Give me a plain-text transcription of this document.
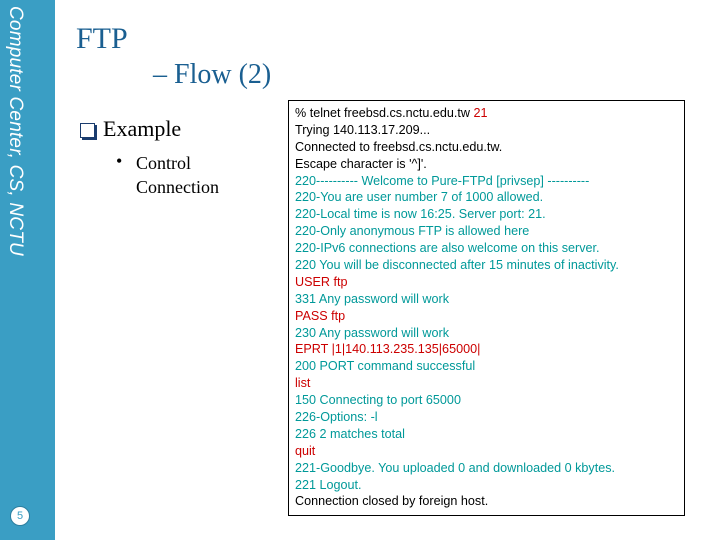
Computer Center, CS, NCTU
5
FTP
– Flow (2)
Example
• Control
Connection
% telnet freebsd.cs.nctu.edu.tw 21
Trying 140.113.17.209...
Connected to freebsd.cs.nctu.edu.tw.
Escape character is '^]'.
220---------- Welcome to Pure-FTPd [privsep] ----------
220-You are user number 7 of 1000 allowed.
220-Local time is now 16:25. Server port: 21.
220-Only anonymous FTP is allowed here
220-IPv6 connections are also welcome on this server.
220 You will be disconnected after 15 minutes of inactivity.
USER ftp
331 Any password will work
PASS ftp
230 Any password will work
EPRT |1|140.113.235.135|65000|
200 PORT command successful
list
150 Connecting to port 65000
226-Options: -l
226 2 matches total
quit
221-Goodbye. You uploaded 0 and downloaded 0 kbytes.
221 Logout.
Connection closed by foreign host.
